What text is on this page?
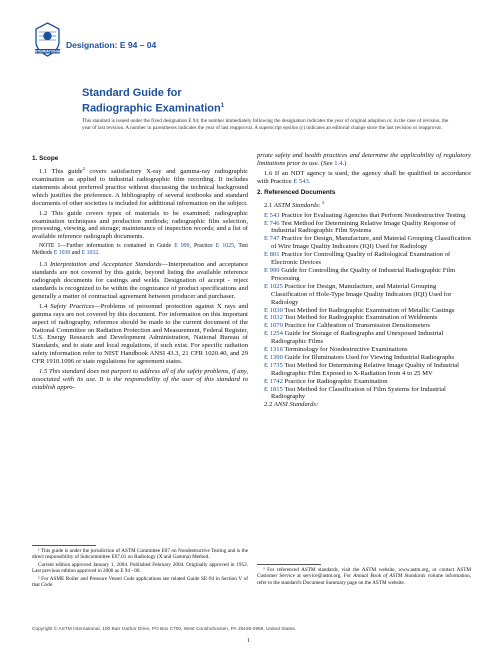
INTERNATIONAL
Designation: E 94 – 04
Standard Guide for
Radiographic Examination$^1$
This standard is issued under the fixed designation E 94; the number immediately following the designation indicates the year of original adoption or, in the case of revision, the year of last revision. A number in parentheses indicates the year of last reapproval. A superscript epsilon (ε) indicates an editorial change since the last revision or reapproval.
1. Scope

1.1 This guide$^2$ covers satisfactory X-ray and gamma-ray radiographic examination as applied to industrial radiographic film recording. It includes statements about preferred practice without discussing the technical background which justifies the preference. A bibliography of several textbooks and standard documents of other societies is included for additional information on the subject.

1.2 This guide covers types of materials to be examined; radiographic examination techniques and production methods; radiographic film selection, processing, viewing, and storage; maintenance of inspection records; and a list of available reference radiograph documents.

NOTE 1—Further information is contained in Guide E 999, Practice E 1025, Test Methods E 1030 and E 1032.

1.3 Interpretation and Acceptance Standards—Interpretation and acceptance standards are not covered by this guide, beyond listing the available reference radiograph documents for castings and welds. Designation of accept - reject standards is recognized to be within the cognizance of product specifications and generally a matter of contractual agreement between producer and purchaser.

1.4 Safety Practices—Problems of personnel protection against X rays and gamma rays are not covered by this document. For information on this important aspect of radiography, reference should be made to the current document of the National Committee on Radiation Protection and Measurement, Federal Register, U.S. Energy Research and Development Administration, National Bureau of Standards, and to state and local regulations, if such exist. For specific radiation safety information refer to NIST Handbook ANSI 43.3, 21 CFR 1020.40, and 29 CFR 1910.1096 or state regulations for agreement states.

1.5 This standard does not purport to address all of the safety problems, if any, associated with its use. It is the responsibility of the user of this standard to establish appro-

priate safety and health practices and determine the applicability of regulatory limitations prior to use. (See 1.4.)

1.6 If an NDT agency is used, the agency shall be qualified in accordance with Practice E 543.

2. Referenced Documents

2.1 ASTM Standards: $^3$

E 543 Practice for Evaluating Agencies that Perform Nondestructive Testing

E 746 Test Method for Determining Relative Image Quality Response of Industrial Radiographic Film Systems

E 747 Practice for Design, Manufacture, and Material Grouping Classification of Wire Image Quality Indicators (IQI) Used for Radiology

E 801 Practice for Controlling Quality of Radiological Examination of Electronic Devices

E 999 Guide for Controlling the Quality of Industrial Radiographic Film Processing

E 1025 Practice for Design, Manufacture, and Material Grouping Classification of Hole-Type Image Quality Indicators (IQI) Used for Radiology

E 1030 Test Method for Radiographic Examination of Metallic Castings

E 1032 Test Method for Radiographic Examination of Weldments

E 1079 Practice for Calibration of Transmission Densitometers

E 1254 Guide for Storage of Radiographs and Unexposed Industrial Radiographic Films

E 1316 Terminology for Nondestructive Examinations

E 1390 Guide for Illuminators Used for Viewing Industrial Radiographs

E 1735 Test Method for Determining Relative Image Quality of Industrial Radiographic Film Exposed to X-Radiation from 4 to 25 MV

E 1742 Practice for Radiographic Examination

E 1815 Test Method for Classification of Film Systems for Industrial Radiography

2.2 ANSI Standards:

¹ This guide is under the jurisdiction of ASTM Committee E07 on Nondestructive Testing and is the direct responsibility of Subcommittee E07.01 on Radiology (X and Gamma) Method.

Current edition approved January 1, 2004. Published February 2004. Originally approved in 1952. Last previous edition approved in 2000 as E 94 - 00.

² For ASME Boiler and Pressure Vessel Code applications see related Guide SE-94 in Section V of that Code.

³ For referenced ASTM standards, visit the ASTM website, www.astm.org, or contact ASTM Customer Service at service@astm.org. For Annual Book of ASTM Standards volume information, refer to the standard's Document Summary page on the ASTM website.

Copyright © ASTM International, 100 Barr Harbor Drive, PO Box C700, West Conshohocken, PA 19428-2959, United States.
1
